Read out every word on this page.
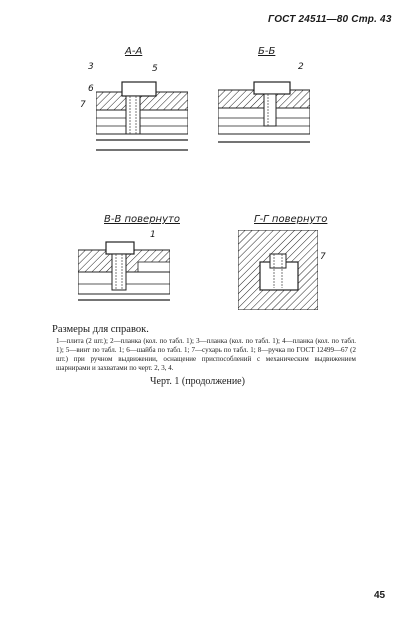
ГОСТ 24511—80 Стр. 43
А-А
3	5
6
7
Б-Б
2
В-В повернуто
1
Г-Г повернуто
7
Размеры для справок.
1—плита (2 шт.); 2—планка (кол. по табл. 1); 3—планка (кол. по табл. 1); 4—планка (кол. по табл. 1); 5—винт по табл. 1; 6—шайба по табл. 1; 7—сухарь по табл. 1; 8—ручка по ГОСТ 12499—67 (2 шт.) при ручном выдвижении, оснащение приспособлений с механическим выдвижением шарнирами и захватами по черт. 2, 3, 4.
Черт. 1 (продолжение)
45
